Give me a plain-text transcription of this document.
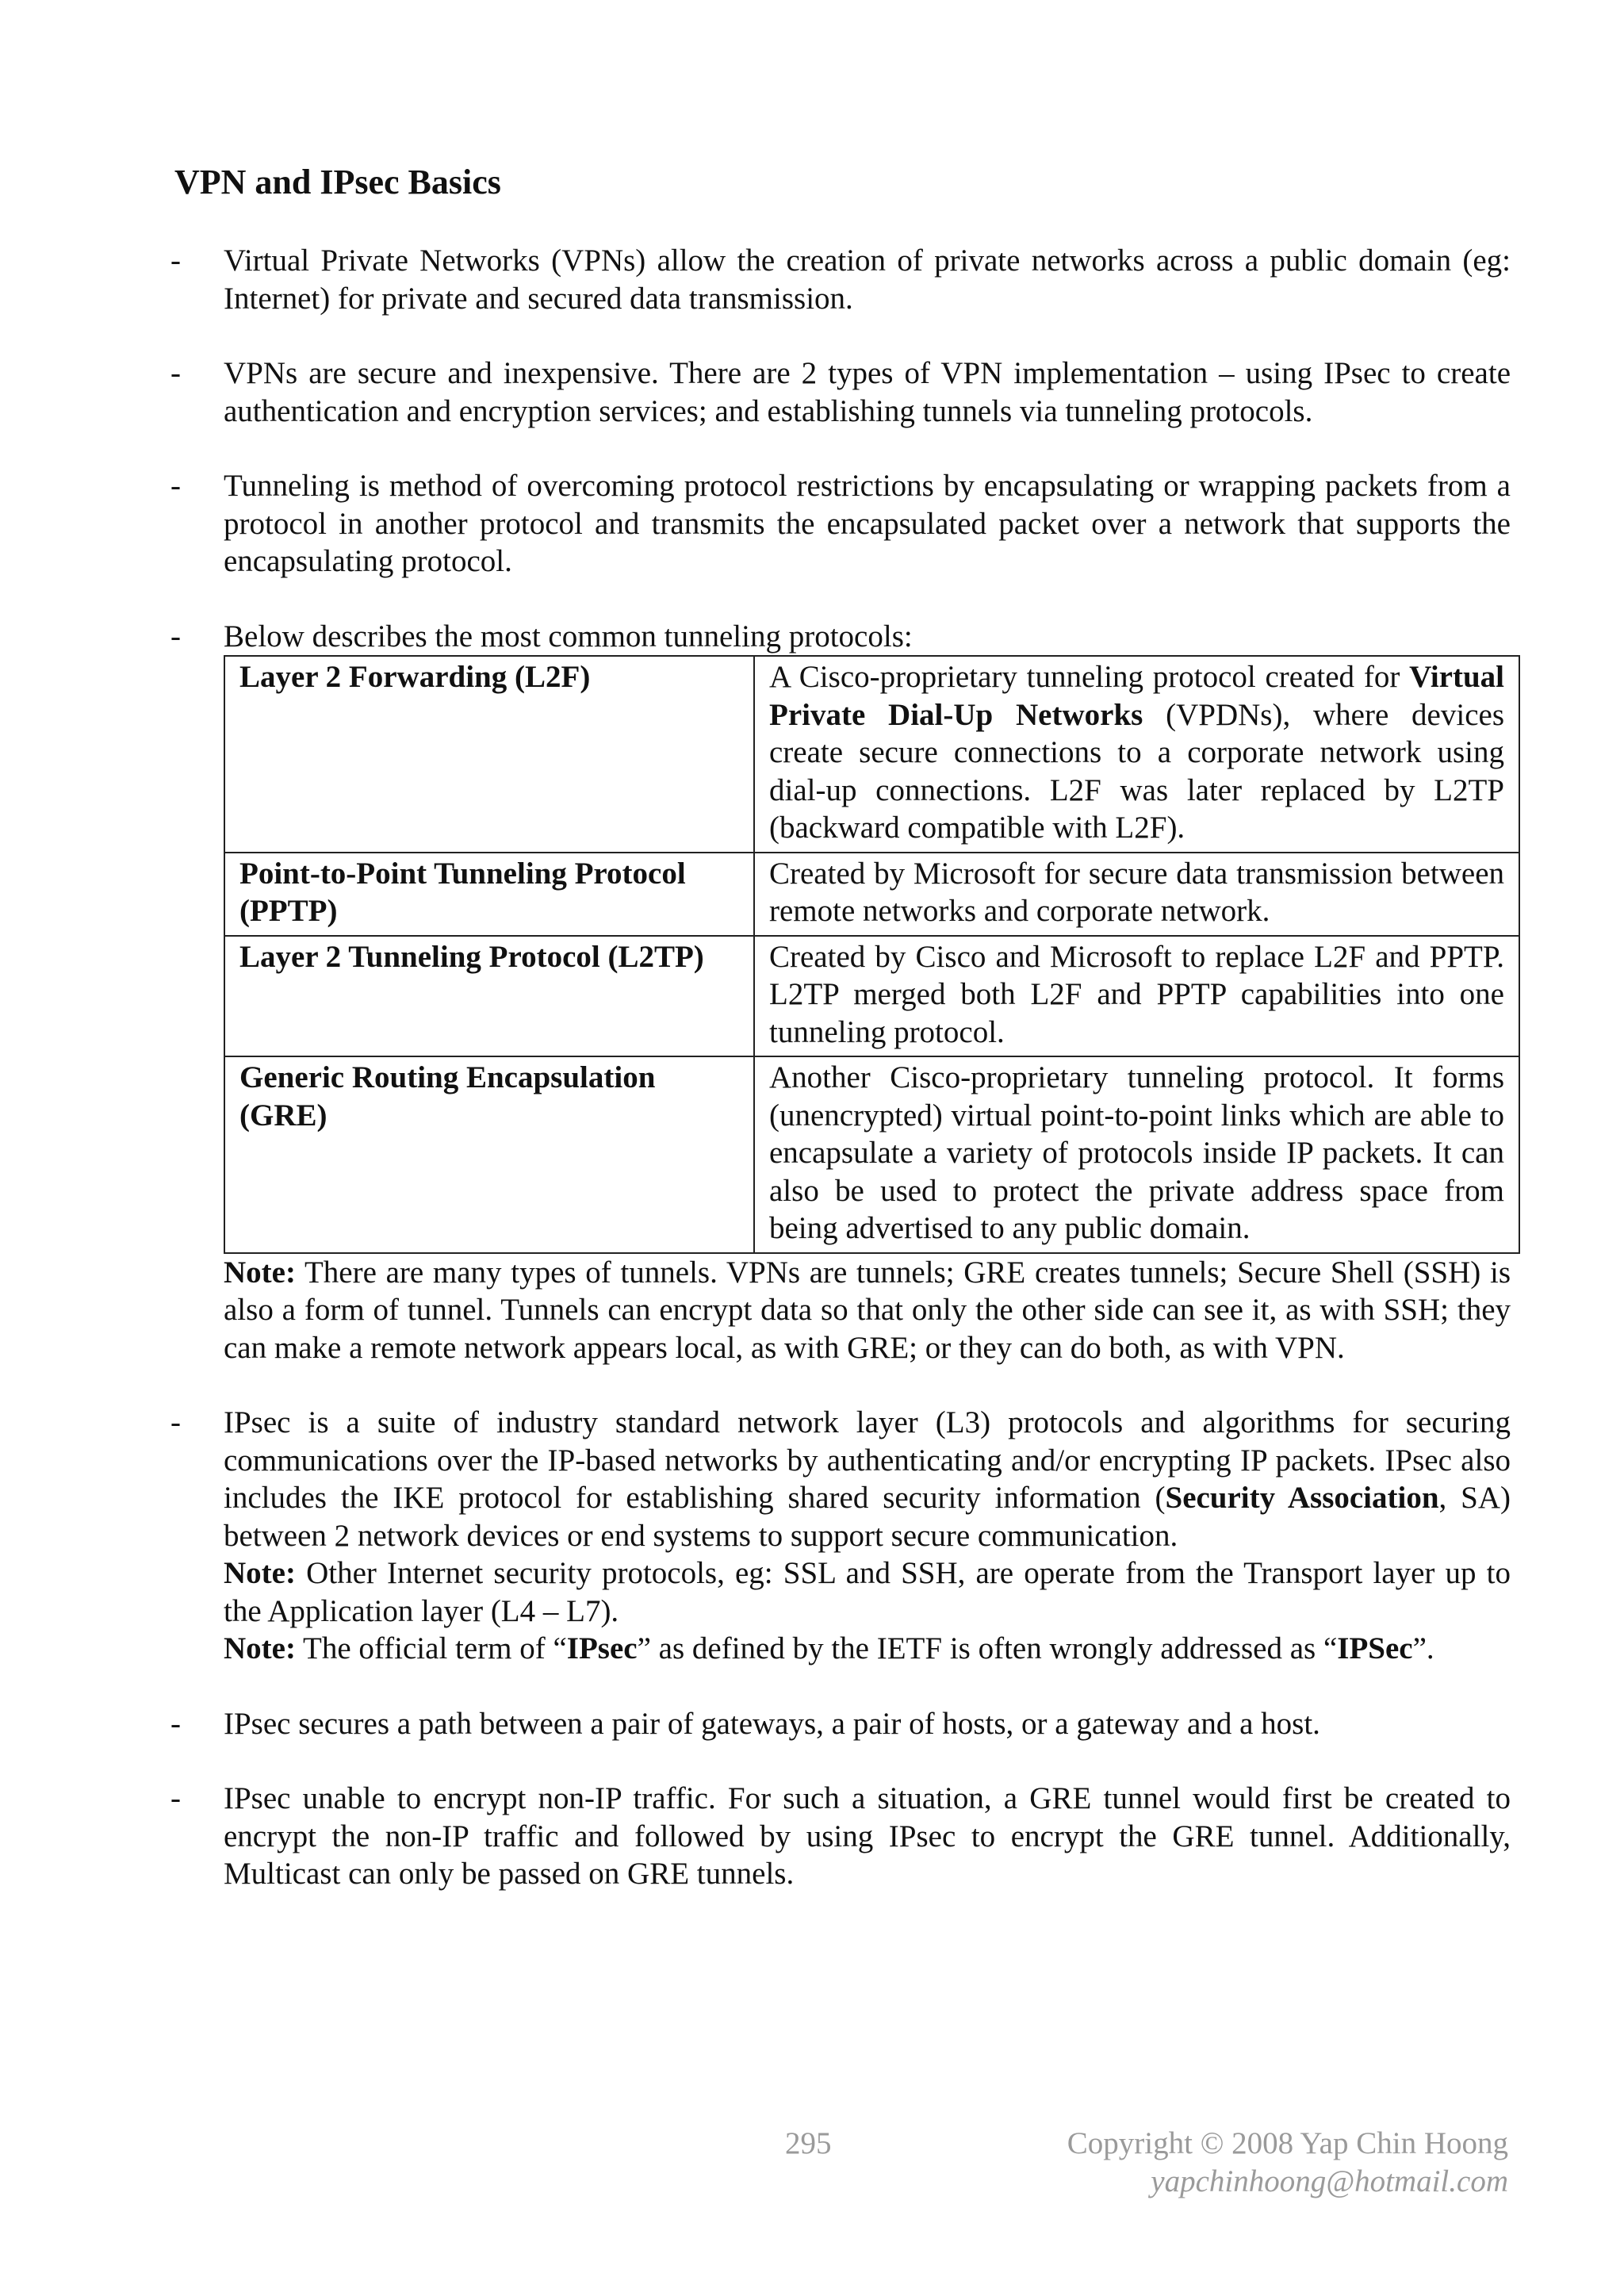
VPN and IPsec Basics
- Virtual Private Networks (VPNs) allow the creation of private networks across a public domain (eg: Internet) for private and secured data transmission.

- VPNs are secure and inexpensive. There are 2 types of VPN implementation – using IPsec to create authentication and encryption services; and establishing tunnels via tunneling protocols.

- Tunneling is method of overcoming protocol restrictions by encapsulating or wrapping packets from a protocol in another protocol and transmits the encapsulated packet over a network that supports the encapsulating protocol.

- Below describes the most common tunneling protocols:

Layer 2 Forwarding (L2F)	A Cisco-proprietary tunneling protocol created for Virtual Private Dial-Up Networks (VPDNs), where devices create secure connections to a corporate network using dial-up connections. L2F was later replaced by L2TP (backward compatible with L2F).
Point-to-Point Tunneling Protocol (PPTP)	Created by Microsoft for secure data transmission between remote networks and corporate network.
Layer 2 Tunneling Protocol (L2TP)	Created by Cisco and Microsoft to replace L2F and PPTP. L2TP merged both L2F and PPTP capabilities into one tunneling protocol.
Generic Routing Encapsulation (GRE)	Another Cisco-proprietary tunneling protocol. It forms (unencrypted) virtual point-to-point links which are able to encapsulate a variety of protocols inside IP packets. It can also be used to protect the private address space from being advertised to any public domain.
Note: There are many types of tunnels. VPNs are tunnels; GRE creates tunnels; Secure Shell (SSH) is also a form of tunnel. Tunnels can encrypt data so that only the other side can see it, as with SSH; they can make a remote network appears local, as with GRE; or they can do both, as with VPN.
- IPsec is a suite of industry standard network layer (L3) protocols and algorithms for securing communications over the IP-based networks by authenticating and/or encrypting IP packets. IPsec also includes the IKE protocol for establishing shared security information (Security Association, SA) between 2 network devices or end systems to support secure communication.

Note: Other Internet security protocols, eg: SSL and SSH, are operate from the Transport layer up to the Application layer (L4 – L7).

Note: The official term of “IPsec” as defined by the IETF is often wrongly addressed as “IPSec”.

- IPsec secures a path between a pair of gateways, a pair of hosts, or a gateway and a host.

- IPsec unable to encrypt non-IP traffic. For such a situation, a GRE tunnel would first be created to encrypt the non-IP traffic and followed by using IPsec to encrypt the GRE tunnel. Additionally, Multicast can only be passed on GRE tunnels.

295	Copyright © 2008 Yap Chin Hoong
yapchinhoong@hotmail.com
